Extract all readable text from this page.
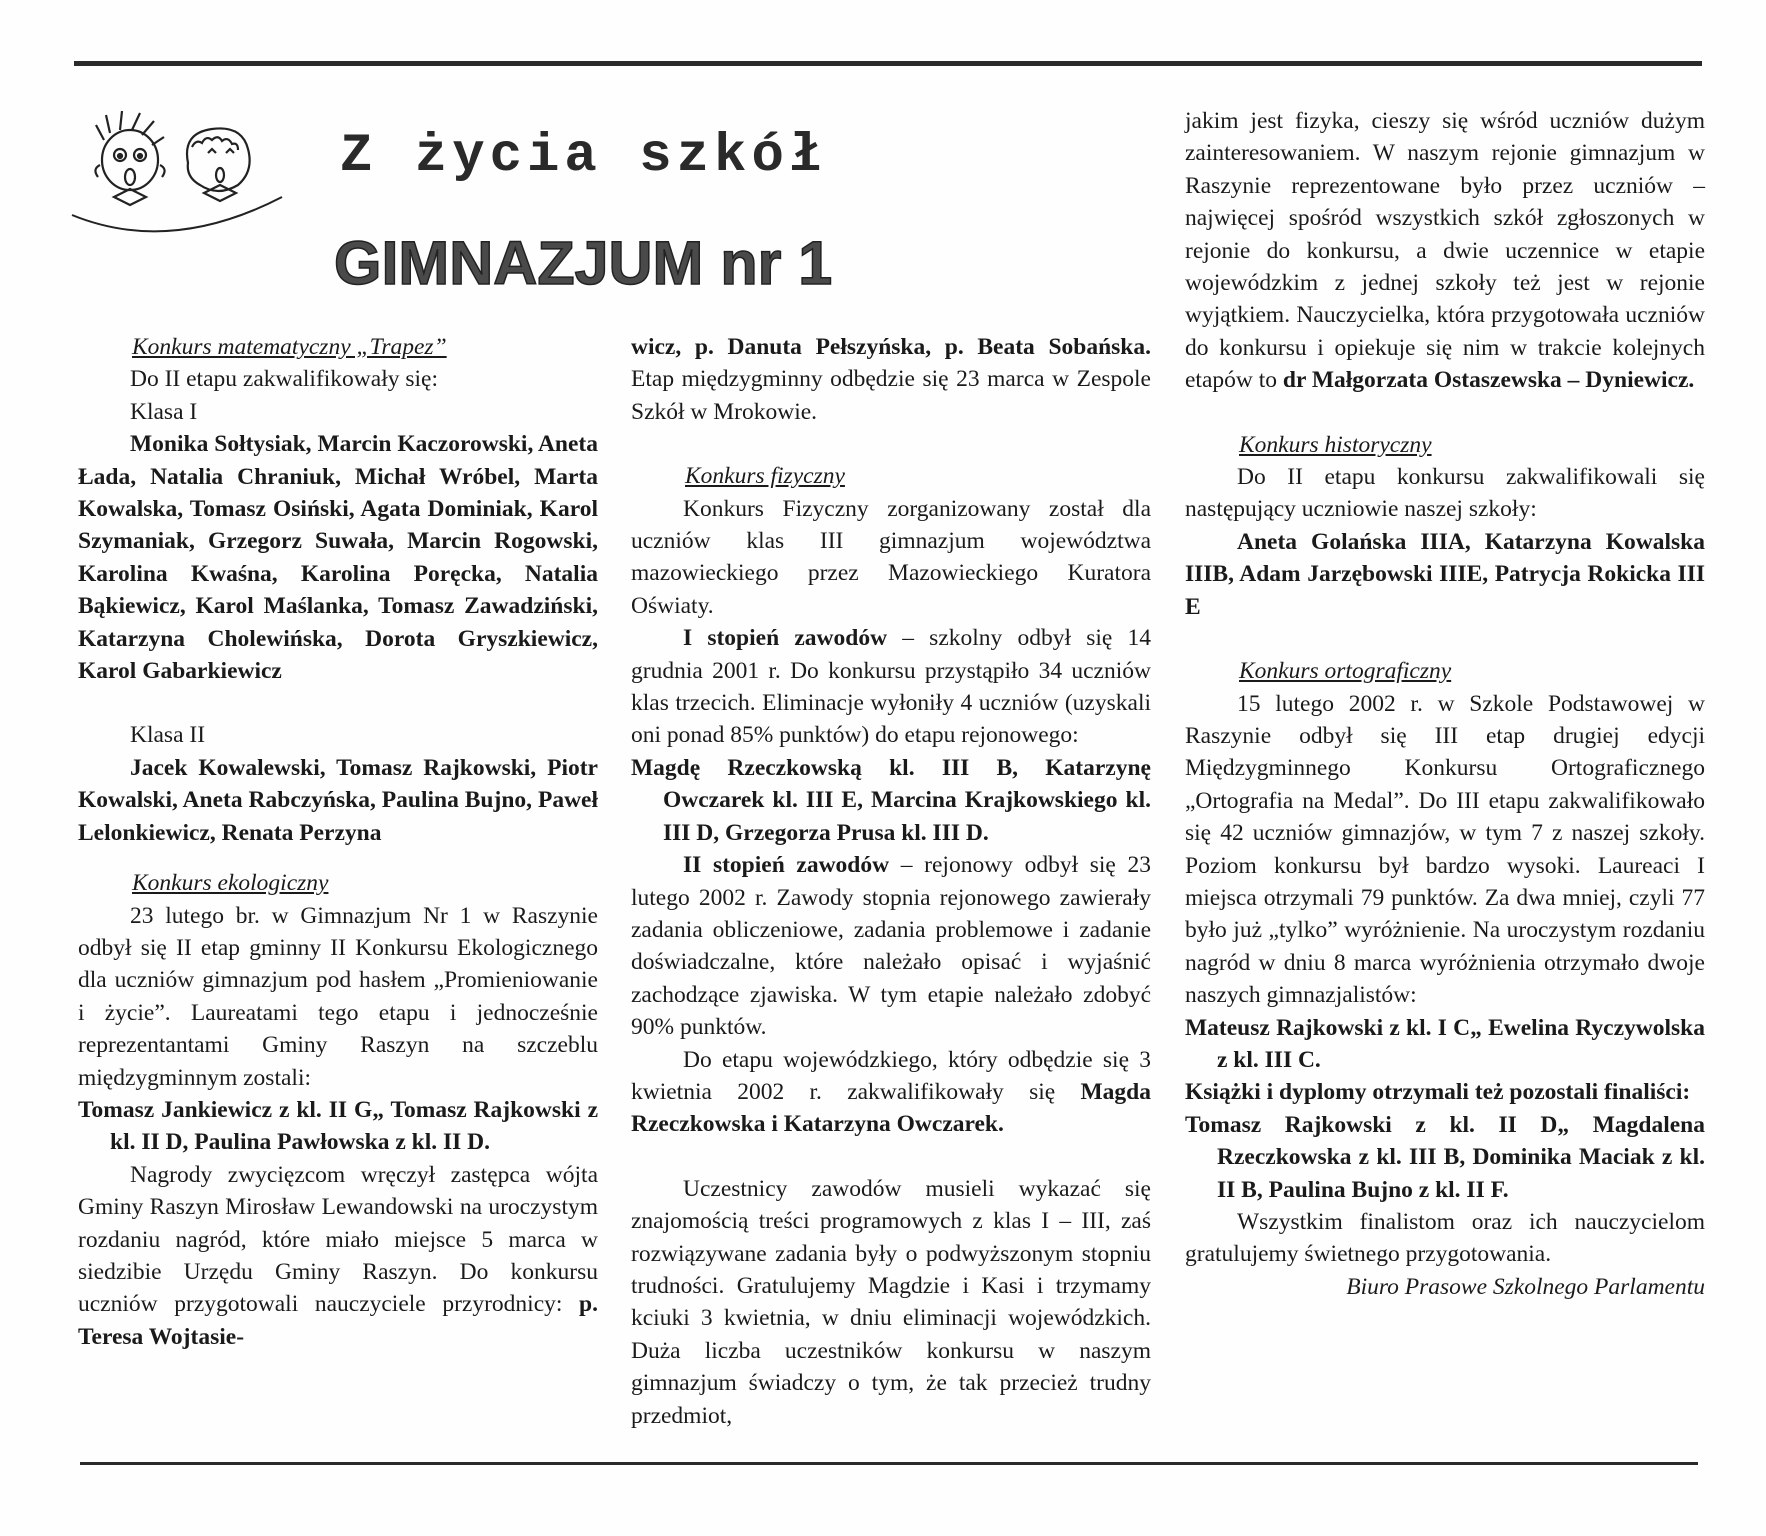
Z życia szkół
GIMNAZJUM nr 1
Konkurs matematyczny „Trapez”

Do II etapu zakwalifikowały się:

Klasa I

Monika Sołtysiak, Marcin Kaczorowski, Aneta Łada, Natalia Chraniuk, Michał Wróbel, Marta Kowalska, Tomasz Osiński, Agata Dominiak, Karol Szymaniak, Grzegorz Suwała, Marcin Rogowski, Karolina Kwaśna, Karolina Poręcka, Natalia Bąkiewicz, Karol Maślanka, Tomasz Zawadziński, Katarzyna Cholewińska, Dorota Gryszkiewicz, Karol Gabarkiewicz

Klasa II

Jacek Kowalewski, Tomasz Rajkowski, Piotr Kowalski, Aneta Rabczyńska, Paulina Bujno, Paweł Lelonkiewicz, Renata Perzyna

Konkurs ekologiczny

23 lutego br. w Gimnazjum Nr 1 w Raszynie odbył się II etap gminny II Konkursu Ekologicznego dla uczniów gimnazjum pod hasłem „Promieniowanie i życie”. Laureatami tego etapu i jednocześnie reprezentantami Gminy Raszyn na szczeblu międzygminnym zostali:

Tomasz Jankiewicz z kl. II G„ Tomasz Rajkowski z kl. II D, Paulina Pawłowska z kl. II D.

Nagrody zwycięzcom wręczył zastępca wójta Gminy Raszyn Mirosław Lewandowski na uroczystym rozdaniu nagród, które miało miejsce 5 marca w siedzibie Urzędu Gminy Raszyn. Do konkursu uczniów przygotowali nauczyciele przyrodnicy: p. Teresa Wojtasie-

wicz, p. Danuta Pełszyńska, p. Beata Sobańska. Etap międzygminny odbędzie się 23 marca w Zespole Szkół w Mrokowie.

Konkurs fizyczny

Konkurs Fizyczny zorganizowany został dla uczniów klas III gimnazjum województwa mazowieckiego przez Mazowieckiego Kuratora Oświaty.

I stopień zawodów – szkolny odbył się 14 grudnia 2001 r. Do konkursu przystąpiło 34 uczniów klas trzecich. Eliminacje wyłoniły 4 uczniów (uzyskali oni ponad 85% punktów) do etapu rejonowego:

Magdę Rzeczkowską kl. III B, Katarzynę Owczarek kl. III E, Marcina Krajkowskiego kl. III D, Grzegorza Prusa kl. III D.

II stopień zawodów – rejonowy odbył się 23 lutego 2002 r. Zawody stopnia rejonowego zawierały zadania obliczeniowe, zadania problemowe i zadanie doświadczalne, które należało opisać i wyjaśnić zachodzące zjawiska. W tym etapie należało zdobyć 90% punktów.

Do etapu wojewódzkiego, który odbędzie się 3 kwietnia 2002 r. zakwalifikowały się Magda Rzeczkowska i Katarzyna Owczarek.

Uczestnicy zawodów musieli wykazać się znajomością treści programowych z klas I – III, zaś rozwiązywane zadania były o podwyższonym stopniu trudności. Gratulujemy Magdzie i Kasi i trzymamy kciuki 3 kwietnia, w dniu eliminacji wojewódzkich. Duża liczba uczestników konkursu w naszym gimnazjum świadczy o tym, że tak przecież trudny przedmiot,

jakim jest fizyka, cieszy się wśród uczniów dużym zainteresowaniem. W naszym rejonie gimnazjum w Raszynie reprezentowane było przez uczniów – najwięcej spośród wszystkich szkół zgłoszonych w rejonie do konkursu, a dwie uczennice w etapie wojewódzkim z jednej szkoły też jest w rejonie wyjątkiem. Nauczycielka, która przygotowała uczniów do konkursu i opiekuje się nim w trakcie kolejnych etapów to dr Małgorzata Ostaszewska – Dyniewicz.

Konkurs historyczny

Do II etapu konkursu zakwalifikowali się następujący uczniowie naszej szkoły:

Aneta Golańska IIIA, Katarzyna Kowalska IIIB, Adam Jarzębowski IIIE, Patrycja Rokicka III E

Konkurs ortograficzny

15 lutego 2002 r. w Szkole Podstawowej w Raszynie odbył się III etap drugiej edycji Międzygminnego Konkursu Ortograficznego „Ortografia na Medal”. Do III etapu zakwalifikowało się 42 uczniów gimnazjów, w tym 7 z naszej szkoły. Poziom konkursu był bardzo wysoki. Laureaci I miejsca otrzymali 79 punktów. Za dwa mniej, czyli 77 było już „tylko” wyróżnienie. Na uroczystym rozdaniu nagród w dniu 8 marca wyróżnienia otrzymało dwoje naszych gimnazjalistów:

Mateusz Rajkowski z kl. I C„ Ewelina Ryczywolska z kl. III C.

Książki i dyplomy otrzymali też pozostali finaliści:

Tomasz Rajkowski z kl. II D„ Magdalena Rzeczkowska z kl. III B, Dominika Maciak z kl. II B, Paulina Bujno z kl. II F.

Wszystkim finalistom oraz ich nauczyciеlom gratulujemy świetnego przygotowania.

Biuro Prasowe Szkolnego Parlamentu
